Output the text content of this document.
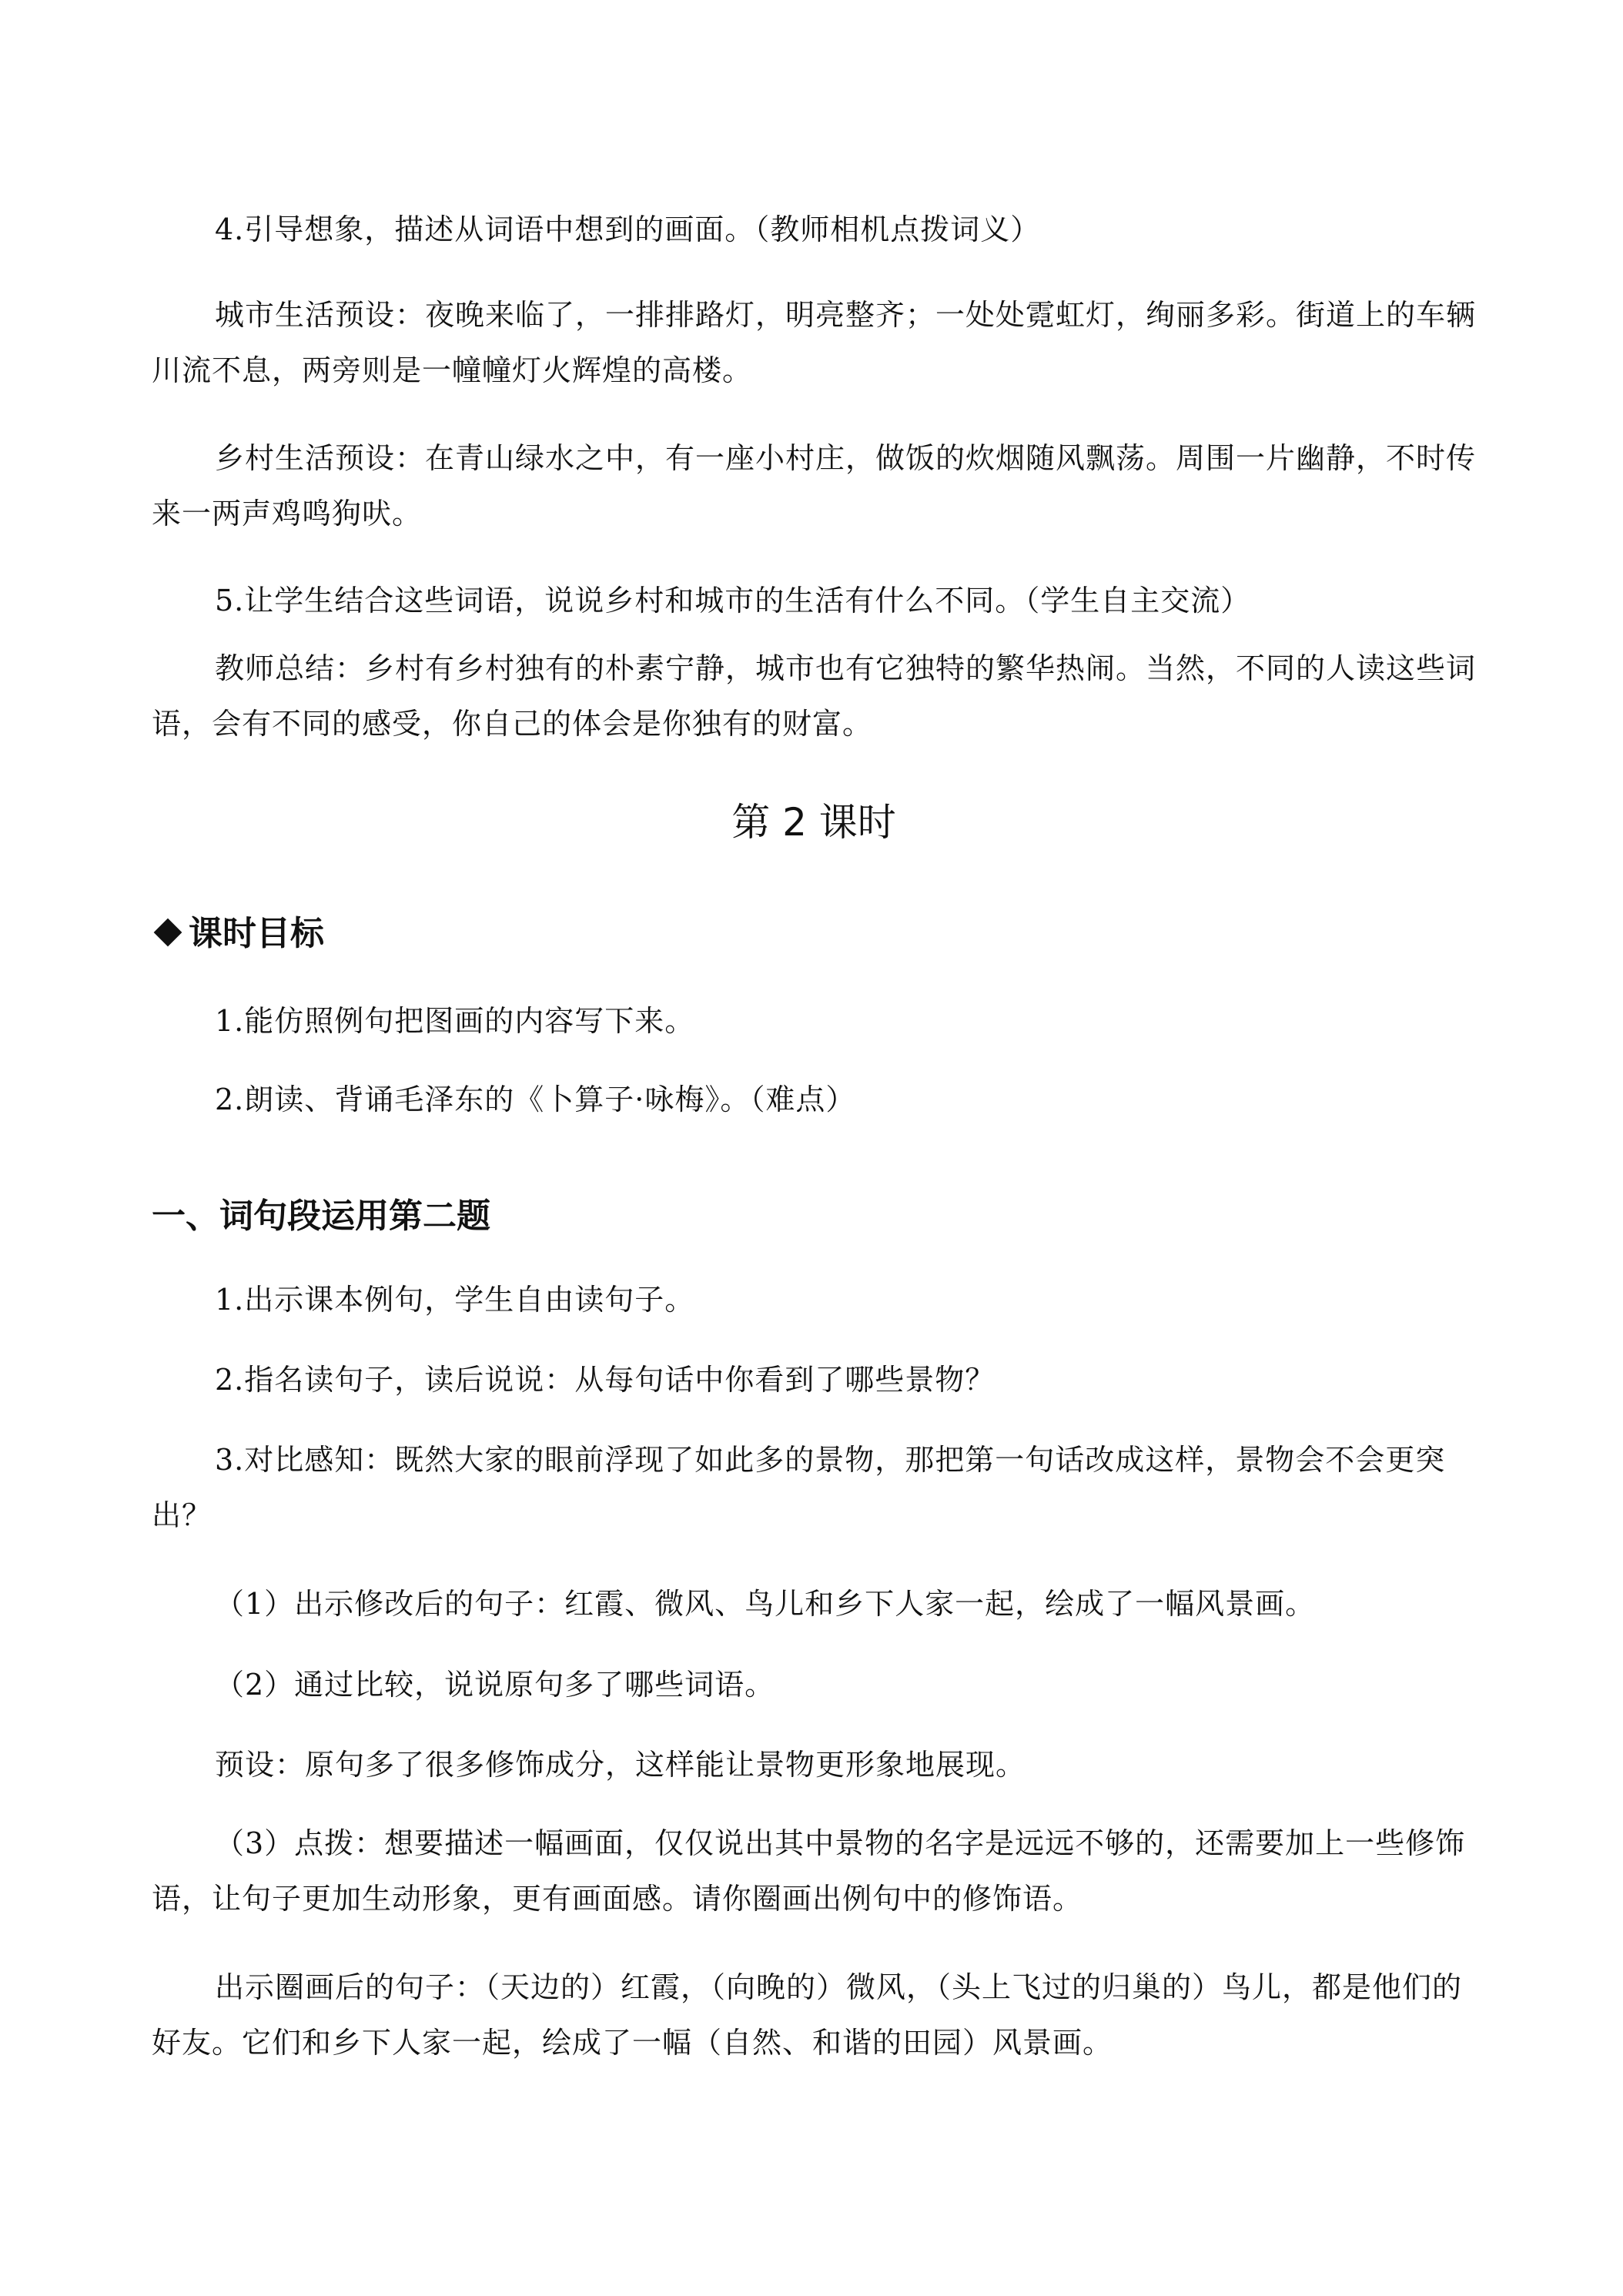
4.引导想象，描述从词语中想到的画面。（教师相机点拨词义）

城市生活预设：夜晚来临了，一排排路灯，明亮整齐；一处处霓虹灯，绚丽多彩。街道上的车辆川流不息，两旁则是一幢幢灯火辉煌的高楼。

乡村生活预设：在青山绿水之中，有一座小村庄，做饭的炊烟随风飘荡。周围一片幽静，不时传来一两声鸡鸣狗吠。

5.让学生结合这些词语，说说乡村和城市的生活有什么不同。（学生自主交流）

教师总结：乡村有乡村独有的朴素宁静，城市也有它独特的繁华热闹。当然，不同的人读这些词语，会有不同的感受，你自己的体会是你独有的财富。

第 2 课时
课时目标

1.能仿照例句把图画的内容写下来。

2.朗读、背诵毛泽东的《卜算子·咏梅》。（难点）

一、词句段运用第二题

1.出示课本例句，学生自由读句子。

2.指名读句子，读后说说：从每句话中你看到了哪些景物？

3.对比感知：既然大家的眼前浮现了如此多的景物，那把第一句话改成这样，景物会不会更突出？

（1）出示修改后的句子：红霞、微风、鸟儿和乡下人家一起，绘成了一幅风景画。

（2）通过比较，说说原句多了哪些词语。

预设：原句多了很多修饰成分，这样能让景物更形象地展现。

（3）点拨：想要描述一幅画面，仅仅说出其中景物的名字是远远不够的，还需要加上一些修饰语，让句子更加生动形象，更有画面感。请你圈画出例句中的修饰语。

出示圈画后的句子：（天边的）红霞，（向晚的）微风，（头上飞过的归巢的）鸟儿，都是他们的好友。它们和乡下人家一起，绘成了一幅（自然、和谐的田园）风景画。
